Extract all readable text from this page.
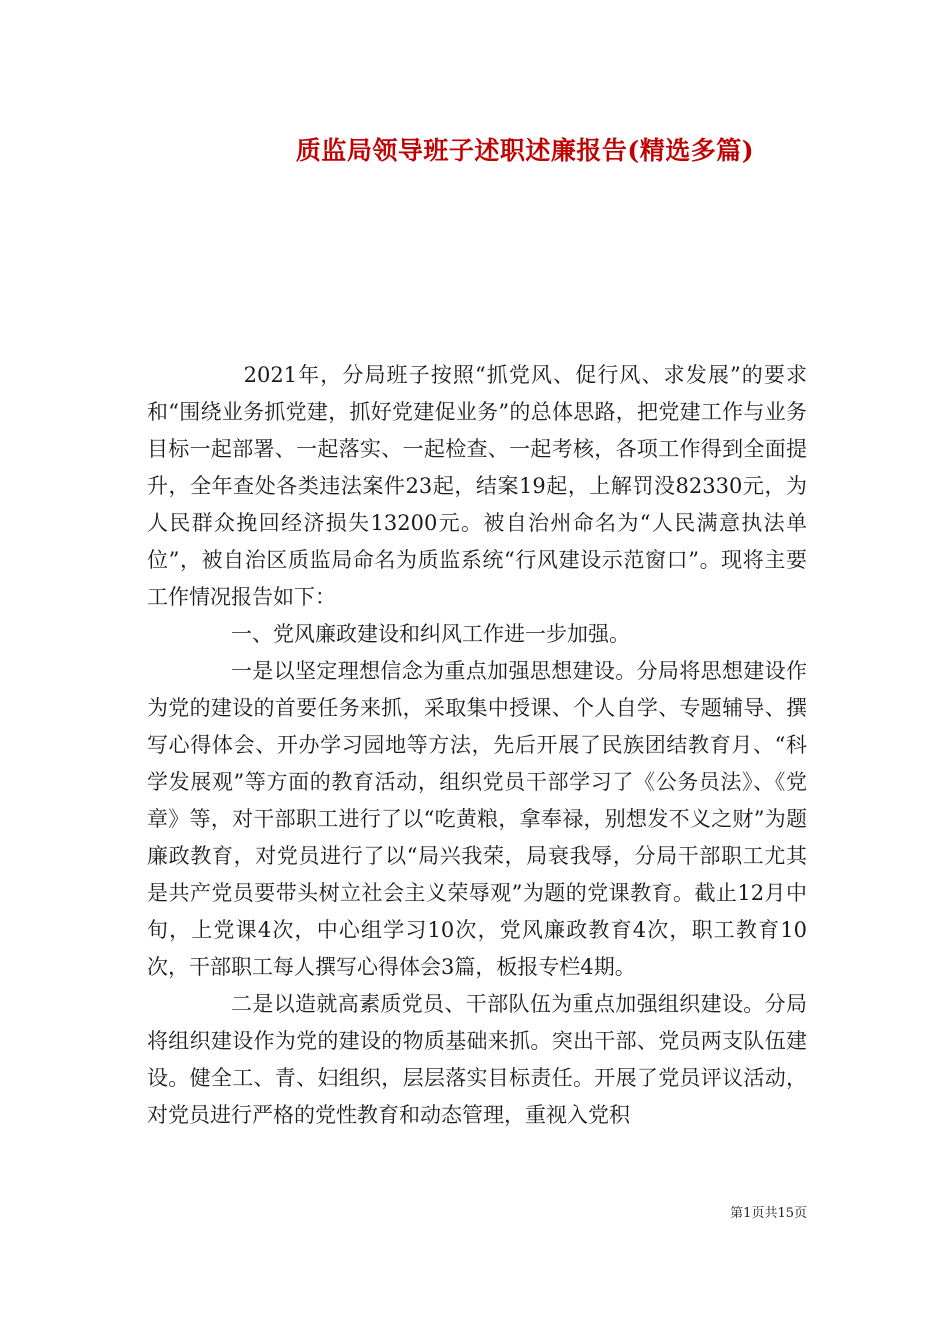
质监局领导班子述职述廉报告(精选多篇)

2021年，分局班子按照“抓党风、促行风、求发展”的要求和“围绕业务抓党建，抓好党建促业务”的总体思路，把党建工作与业务目标一起部署、一起落实、一起检查、一起考核，各项工作得到全面提升，全年查处各类违法案件23起，结案19起，上解罚没82330元，为人民群众挽回经济损失13200元。被自治州命名为“人民满意执法单位”，被自治区质监局命名为质监系统“行风建设示范窗口”。现将主要工作情况报告如下：

一、党风廉政建设和纠风工作进一步加强。

一是以坚定理想信念为重点加强思想建设。分局将思想建设作为党的建设的首要任务来抓，采取集中授课、个人自学、专题辅导、撰写心得体会、开办学习园地等方法，先后开展了民族团结教育月、“科学发展观”等方面的教育活动，组织党员干部学习了《公务员法》、《党章》等，对干部职工进行了以“吃黄粮，拿奉禄，别想发不义之财”为题廉政教育，对党员进行了以“局兴我荣，局衰我辱，分局干部职工尤其是共产党员要带头树立社会主义荣辱观”为题的党课教育。截止12月中旬，上党课4次，中心组学习10次，党风廉政教育4次，职工教育10次，干部职工每人撰写心得体会3篇，板报专栏4期。

二是以造就高素质党员、干部队伍为重点加强组织建设。分局将组织建设作为党的建设的物质基础来抓。突出干部、党员两支队伍建设。健全工、青、妇组织，层层落实目标责任。开展了党员评议活动，对党员进行严格的党性教育和动态管理，重视入党积

第1页共15页
